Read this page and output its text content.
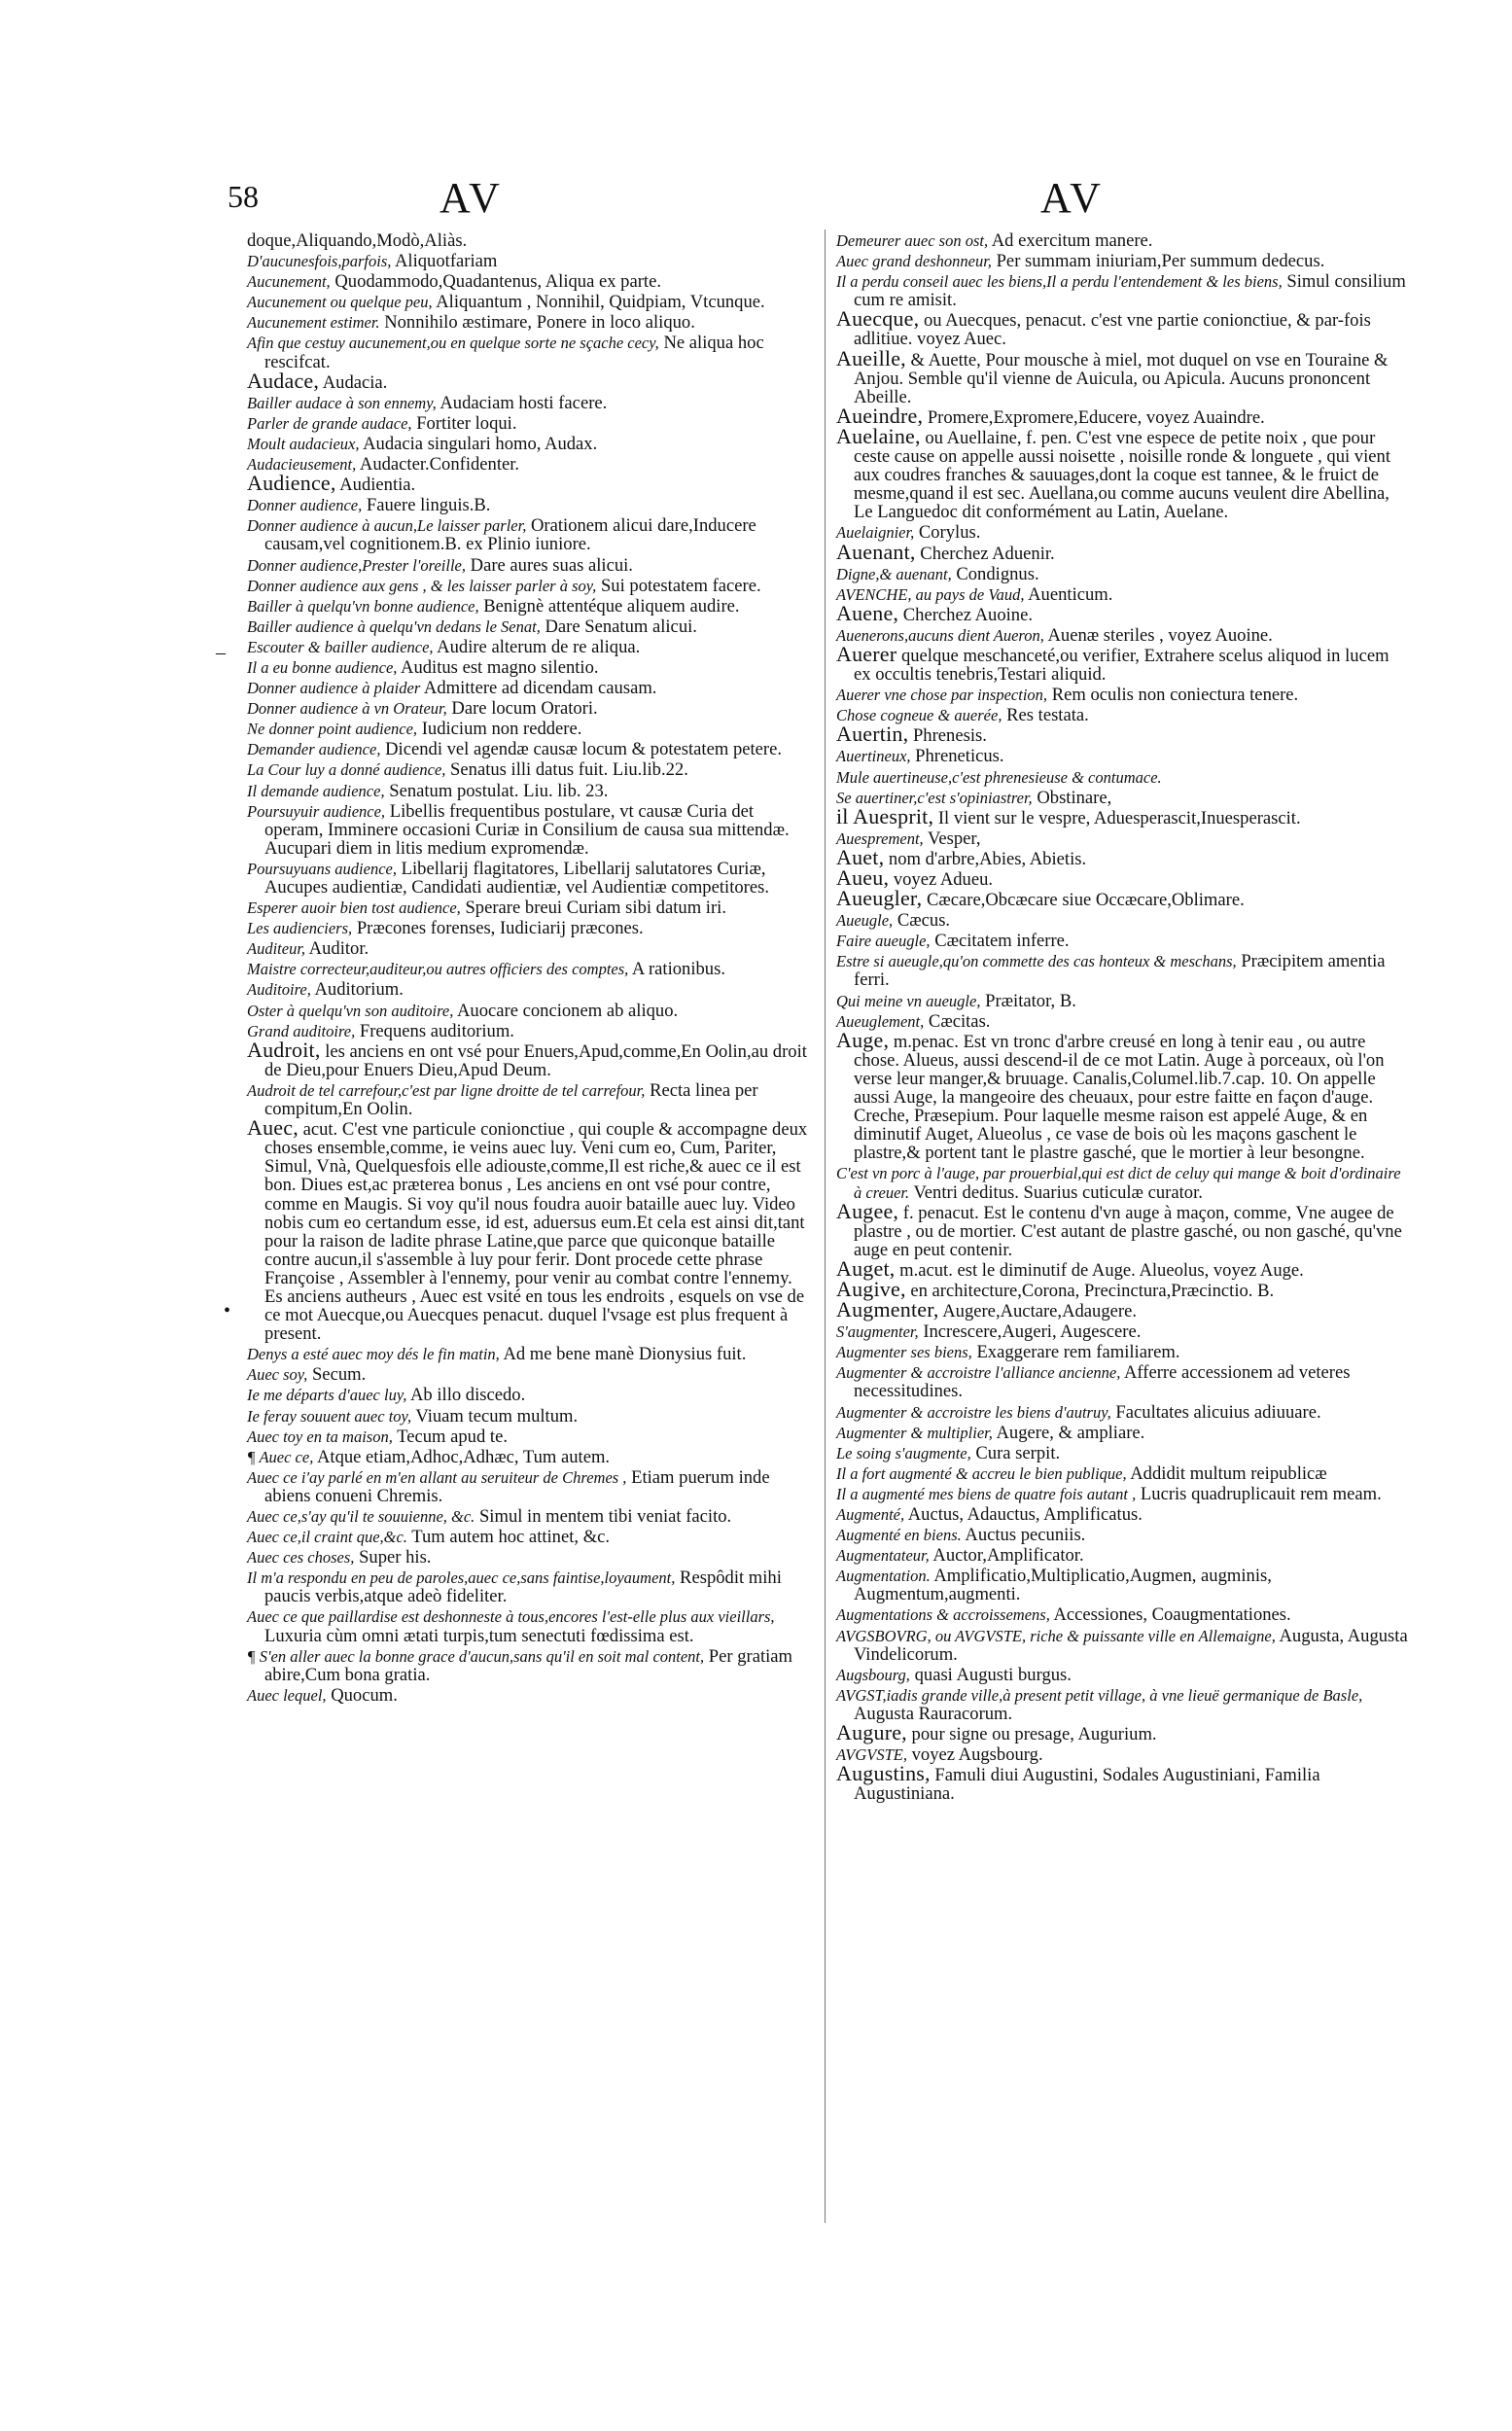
58	AV	AV

doque,Aliquando,Modò,Aliàs.

D'aucunesfois,parfois, Aliquotfariam

Aucunement, Quodammodo,Quadantenus, Aliqua ex parte.

Aucunement ou quelque peu, Aliquantum , Nonnihil, Quidpiam, Vtcunque.

Aucunement estimer. Nonnihilo æstimare, Ponere in loco aliquo.

Afin que cestuy aucunement,ou en quelque sorte ne sçache cecy, Ne aliqua hoc rescifcat.

Audace, Audacia.

Bailler audace à son ennemy, Audaciam hosti facere.

Parler de grande audace, Fortiter loqui.

Moult audacieux, Audacia singulari homo, Audax.

Audacieusement, Audacter.Confidenter.

Audience, Audientia.

Donner audience, Fauere linguis.B.

Donner audience à aucun,Le laisser parler, Orationem alicui dare,Inducere causam,vel cognitionem.B. ex Plinio iuniore.

Donner audience,Prester l'oreille, Dare aures suas alicui.

Donner audience aux gens , & les laisser parler à soy, Sui potestatem facere.

Bailler à quelqu'vn bonne audience, Benignè attentéque aliquem audire.

Bailler audience à quelqu'vn dedans le Senat, Dare Senatum alicui.

Escouter & bailler audience, Audire alterum de re aliqua.

Il a eu bonne audience, Auditus est magno silentio.

Donner audience à plaider Admittere ad dicendam causam.

Donner audience à vn Orateur, Dare locum Oratori.

Ne donner point audience, Iudicium non reddere.

Demander audience, Dicendi vel agendæ causæ locum & potestatem petere.

La Cour luy a donné audience, Senatus illi datus fuit. Liu.lib.22.

Il demande audience, Senatum postulat. Liu. lib. 23.

Poursuyuir audience, Libellis frequentibus postulare, vt causæ Curia det operam, Imminere occasioni Curiæ in Consilium de causa sua mittendæ. Aucupari diem in litis medium expromendæ.

Poursuyuans audience, Libellarij flagitatores, Libellarij salutatores Curiæ, Aucupes audientiæ, Candidati audientiæ, vel Audientiæ competitores.

Esperer auoir bien tost audience, Sperare breui Curiam sibi datum iri.

Les audienciers, Præcones forenses, Iudiciarij præcones.

Auditeur, Auditor.

Maistre correcteur,auditeur,ou autres officiers des comptes, A rationibus.

Auditoire, Auditorium.

Oster à quelqu'vn son auditoire, Auocare concionem ab aliquo.

Grand auditoire, Frequens auditorium.

Audroit, les anciens en ont vsé pour Enuers,Apud,comme,En Oolin,au droit de Dieu,pour Enuers Dieu,Apud Deum.

Audroit de tel carrefour,c'est par ligne droitte de tel carrefour, Recta linea per compitum,En Oolin.

Auec, acut. C'est vne particule conionctiue , qui couple & accompagne deux choses ensemble,comme, ie veins auec luy. Veni cum eo, Cum, Pariter, Simul, Vnà, Quelquesfois elle adiouste,comme,Il est riche,& auec ce il est bon. Diues est,ac præterea bonus , Les anciens en ont vsé pour contre, comme en Maugis. Si voy qu'il nous foudra auoir bataille auec luy. Video nobis cum eo certandum esse, id est, aduersus eum.Et cela est ainsi dit,tant pour la raison de ladite phrase Latine,que parce que quiconque bataille contre aucun,il s'assemble à luy pour ferir. Dont procede cette phrase Françoise , Assembler à l'ennemy, pour venir au combat contre l'ennemy. Es anciens autheurs , Auec est vsité en tous les endroits , esquels on vse de ce mot Auecque,ou Auecques penacut. duquel l'vsage est plus frequent à present.

Denys a esté auec moy dés le fin matin, Ad me bene manè Dionysius fuit.

Auec soy, Secum.

Ie me départs d'auec luy, Ab illo discedo.

Ie feray souuent auec toy, Viuam tecum multum.

Auec toy en ta maison, Tecum apud te.

¶ Auec ce, Atque etiam,Adhoc,Adhæc, Tum autem.

Auec ce i'ay parlé en m'en allant au seruiteur de Chremes , Etiam puerum inde abiens conueni Chremis.

Auec ce,s'ay qu'il te souuienne, &c. Simul in mentem tibi veniat facito.

Auec ce,il craint que,&c. Tum autem hoc attinet, &c.

Auec ces choses, Super his.

Il m'a respondu en peu de paroles,auec ce,sans faintise,loyaument, Respôdit mihi paucis verbis,atque adeò fideliter.

Auec ce que paillardise est deshonneste à tous,encores l'est-elle plus aux vieillars, Luxuria cùm omni ætati turpis,tum senectuti fœdissima est.

¶ S'en aller auec la bonne grace d'aucun,sans qu'il en soit mal content, Per gratiam abire,Cum bona gratia.

Auec lequel, Quocum.

Demeurer auec son ost, Ad exercitum manere.

Auec grand deshonneur, Per summam iniuriam,Per summum dedecus.

Il a perdu conseil auec les biens,Il a perdu l'entendement & les biens, Simul consilium cum re amisit.

Auecque, ou Auecques, penacut. c'est vne partie conionctiue, & par-fois adlitiue. voyez Auec.

Aueille, & Auette, Pour mousche à miel, mot duquel on vse en Touraine & Anjou. Semble qu'il vienne de Auicula, ou Apicula. Aucuns prononcent Abeille.

Aueindre, Promere,Expromere,Educere, voyez Auaindre.

Auelaine, ou Auellaine, f. pen. C'est vne espece de petite noix , que pour ceste cause on appelle aussi noisette , noisille ronde & longuete , qui vient aux coudres franches & sauuages,dont la coque est tannee, & le fruict de mesme,quand il est sec. Auellana,ou comme aucuns veulent dire Abellina, Le Languedoc dit conformément au Latin, Auelane.

Auelaignier, Corylus.

Auenant, Cherchez Aduenir.

Digne,& auenant, Condignus.

AVENCHE, au pays de Vaud, Auenticum.

Auene, Cherchez Auoine.

Auenerons,aucuns dient Aueron, Auenæ steriles , voyez Auoine.

Auerer quelque meschanceté,ou verifier, Extrahere scelus aliquod in lucem ex occultis tenebris,Testari aliquid.

Auerer vne chose par inspection, Rem oculis non coniectura tenere.

Chose cogneue & auerée, Res testata.

Auertin, Phrenesis.

Auertineux, Phreneticus.

Mule auertineuse,c'est phrenesieuse & contumace.

Se auertiner,c'est s'opiniastrer, Obstinare,

il Auesprit, Il vient sur le vespre, Aduesperascit,Inuesperascit.

Auesprement, Vesper,

Auet, nom d'arbre,Abies, Abietis.

Aueu, voyez Adueu.

Aueugler, Cæcare,Obcæcare siue Occæcare,Oblimare.

Aueugle, Cæcus.

Faire aueugle, Cæcitatem inferre.

Estre si aueugle,qu'on commette des cas honteux & meschans, Præcipitem amentia ferri.

Qui meine vn aueugle, Præitator, B.

Aueuglement, Cæcitas.

Auge, m.penac. Est vn tronc d'arbre creusé en long à tenir eau , ou autre chose. Alueus, aussi descend-il de ce mot Latin. Auge à porceaux, où l'on verse leur manger,& bruuage. Canalis,Columel.lib.7.cap. 10. On appelle aussi Auge, la mangeoire des cheuaux, pour estre faitte en façon d'auge. Creche, Præsepium. Pour laquelle mesme raison est appelé Auge, & en diminutif Auget, Alueolus , ce vase de bois où les maçons gaschent le plastre,& portent tant le plastre gasché, que le mortier à leur besongne.

C'est vn porc à l'auge, par prouerbial,qui est dict de celuy qui mange & boit d'ordinaire à creuer. Ventri deditus. Suarius cuticulæ curator.

Augee, f. penacut. Est le contenu d'vn auge à maçon, comme, Vne augee de plastre , ou de mortier. C'est autant de plastre gasché, ou non gasché, qu'vne auge en peut contenir.

Auget, m.acut. est le diminutif de Auge. Alueolus, voyez Auge.

Augive, en architecture,Corona, Precinctura,Præcinctio. B.

Augmenter, Augere,Auctare,Adaugere.

S'augmenter, Increscere,Augeri, Augescere.

Augmenter ses biens, Exaggerare rem familiarem.

Augmenter & accroistre l'alliance ancienne, Afferre accessionem ad veteres necessitudines.

Augmenter & accroistre les biens d'autruy, Facultates alicuius adiuuare.

Augmenter & multiplier, Augere, & ampliare.

Le soing s'augmente, Cura serpit.

Il a fort augmenté & accreu le bien publique, Addidit multum reipublicæ

Il a augmenté mes biens de quatre fois autant , Lucris quadruplicauit rem meam.

Augmenté, Auctus, Adauctus, Amplificatus.

Augmenté en biens. Auctus pecuniis.

Augmentateur, Auctor,Amplificator.

Augmentation. Amplificatio,Multiplicatio,Augmen, augminis, Augmentum,augmenti.

Augmentations & accroissemens, Accessiones, Coaugmentationes.

AVGSBOVRG, ou AVGVSTE, riche & puissante ville en Allemaigne, Augusta, Augusta Vindelicorum.

Augsbourg, quasi Augusti burgus.

AVGST,iadis grande ville,à present petit village, à vne lieuë germanique de Basle, Augusta Rauracorum.

Augure, pour signe ou presage, Augurium.

AVGVSTE, voyez Augsbourg.

Augustins, Famuli diui Augustini, Sodales Augustiniani, Familia Augustiniana.

•
–
